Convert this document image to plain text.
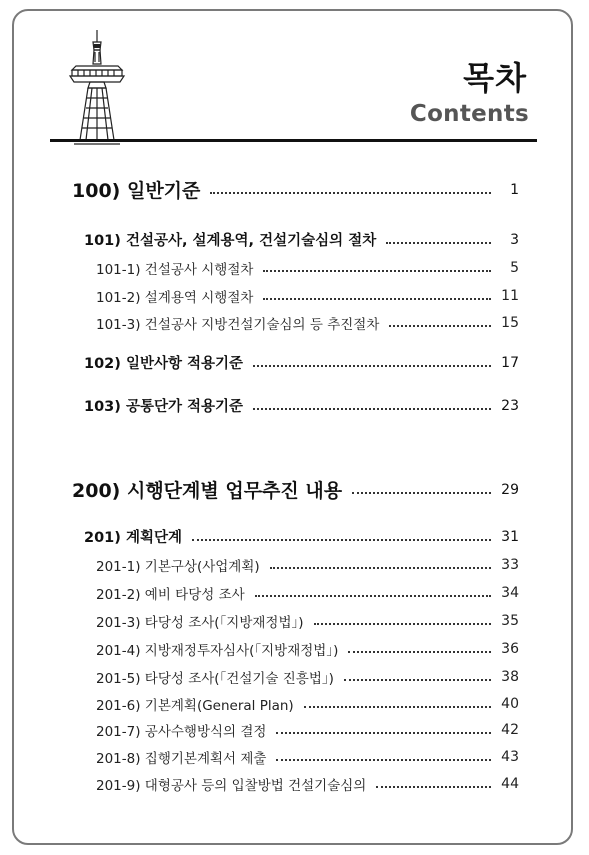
목차
Contents
100) 일반기준	1
101) 건설공사, 설계용역, 건설기술심의 절차	3
101-1) 건설공사 시행절차	5
101-2) 설계용역 시행절차	11
101-3) 건설공사 지방건설기술심의 등 추진절차	15
102) 일반사항 적용기준	17
103) 공통단가 적용기준	23
200) 시행단계별 업무추진 내용	29
201) 계획단계	31
201-1) 기본구상(사업계획)	33
201-2) 예비 타당성 조사	34
201-3) 타당성 조사(「지방재정법」)	35
201-4) 지방재정투자심사(「지방재정법」)	36
201-5) 타당성 조사(「건설기술 진흥법」)	38
201-6) 기본계획(General Plan)	40
201-7) 공사수행방식의 결정	42
201-8) 집행기본계획서 제출	43
201-9) 대형공사 등의 입찰방법 건설기술심의	44
